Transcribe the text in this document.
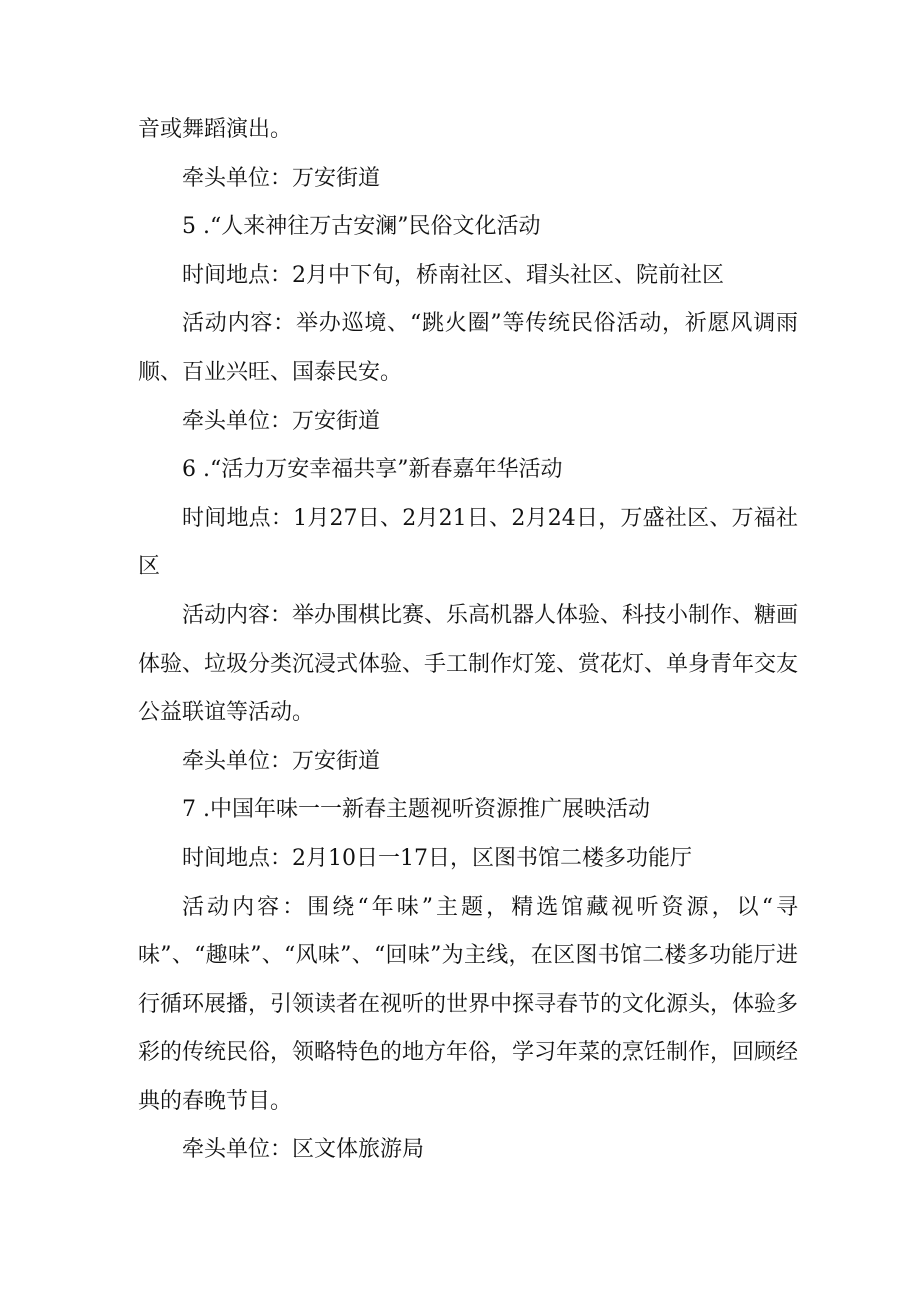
音或舞蹈演出。

牵头单位：万安街道

5 .“人来神往万古安澜”民俗文化活动

时间地点：2月中下旬，桥南社区、瑁头社区、院前社区

活动内容：举办巡境、“跳火圈”等传统民俗活动，祈愿风调雨顺、百业兴旺、国泰民安。

牵头单位：万安街道

6 .“活力万安幸福共享”新春嘉年华活动

时间地点：1月27日、2月21日、2月24日，万盛社区、万福社区

活动内容：举办围棋比赛、乐高机器人体验、科技小制作、糖画体验、垃圾分类沉浸式体验、手工制作灯笼、赏花灯、单身青年交友公益联谊等活动。

牵头单位：万安街道

7 .中国年味一一新春主题视听资源推广展映活动

时间地点：2月10日一17日，区图书馆二楼多功能厅

活动内容：围绕“年味”主题，精选馆藏视听资源，以“寻味”、“趣味”、“风味”、“回味”为主线，在区图书馆二楼多功能厅进行循环展播，引领读者在视听的世界中探寻春节的文化源头，体验多彩的传统民俗，领略特色的地方年俗，学习年菜的烹饪制作，回顾经典的春晚节目。

牵头单位：区文体旅游局
